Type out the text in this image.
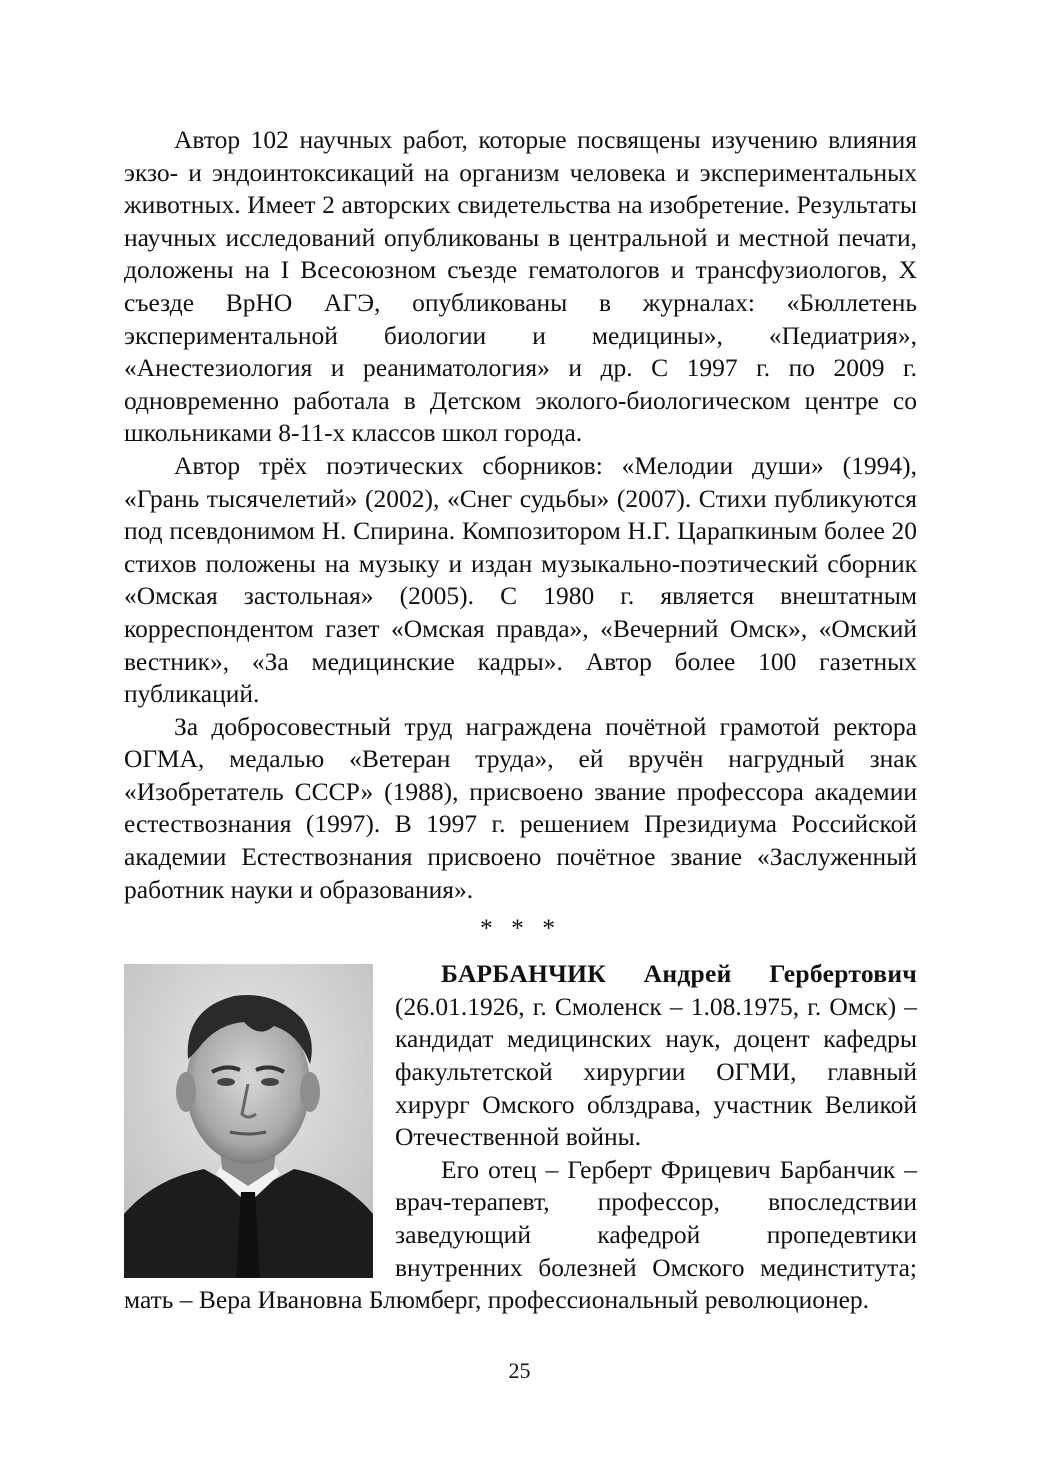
Автор 102 научных работ, которые посвящены изучению влияния экзо- и эндоинтоксикаций на организм человека и экспериментальных животных. Имеет 2 авторских свидетельства на изобретение. Результаты научных исследований опубликованы в центральной и местной печати, доложены на I Всесоюзном съезде гематологов и трансфузиологов, Х съезде ВрНО АГЭ, опубликованы в журналах: «Бюллетень экспериментальной биологии и медицины», «Педиатрия», «Анестезиология и реаниматология» и др. С 1997 г. по 2009 г. одновременно работала в Детском эколого-биологическом центре со школьниками 8-11-х классов школ города.

Автор трёх поэтических сборников: «Мелодии души» (1994), «Грань тысячелетий» (2002), «Снег судьбы» (2007). Стихи публикуются под псевдонимом Н. Спирина. Композитором Н.Г. Царапкиным более 20 стихов положены на музыку и издан музыкально-поэтический сборник «Омская застольная» (2005). С 1980 г. является внештатным корреспондентом газет «Омская правда», «Вечерний Омск», «Омский вестник», «За медицинские кадры». Автор более 100 газетных публикаций.

За добросовестный труд награждена почётной грамотой ректора ОГМА, медалью «Ветеран труда», ей вручён нагрудный знак «Изобретатель СССР» (1988), присвоено звание профессора академии естествознания (1997). В 1997 г. решением Президиума Российской академии Естествознания присвоено почётное звание «Заслуженный работник науки и образования».

* * *

БАРБАНЧИК Андрей Гербертович (26.01.1926, г. Смоленск – 1.08.1975, г. Омск) – кандидат медицинских наук, доцент кафедры факультетской хирургии ОГМИ, главный хирург Омского облздрава, участник Великой Отечественной войны.

Его отец – Герберт Фрицевич Барбанчик – врач-терапевт, профессор, впоследствии заведующий кафедрой пропедевтики внутренних болезней Омского мединститута; мать – Вера Ивановна Блюмберг, профессиональный революционер.

25
